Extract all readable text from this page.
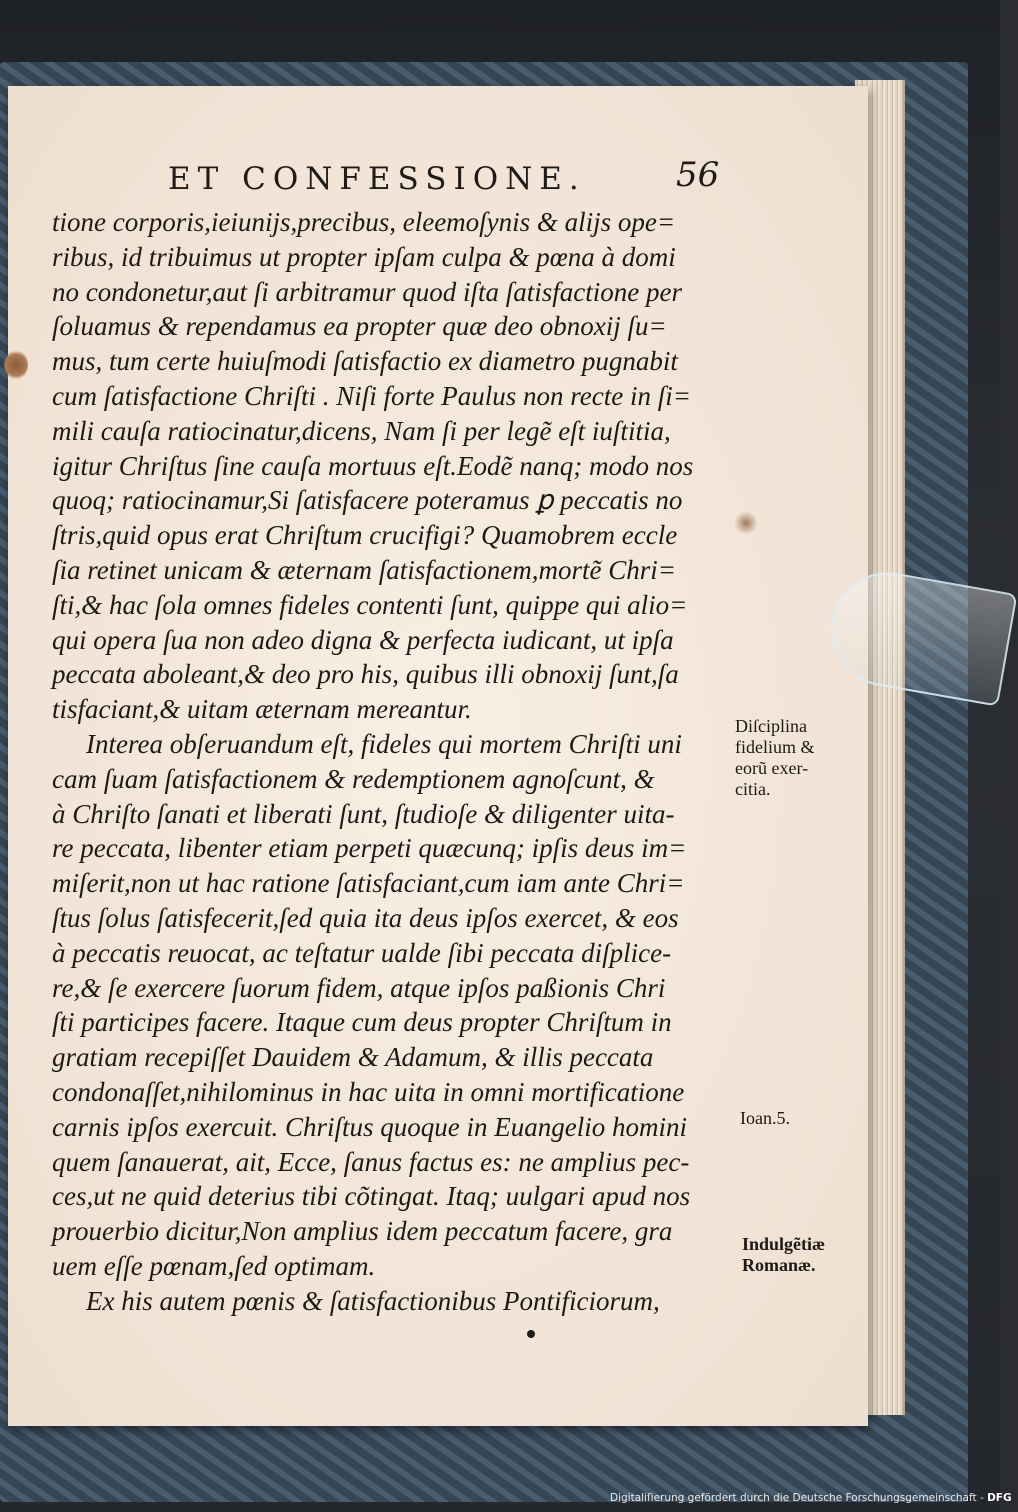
ET CONFESSIONE.	56
tione corporis,ieiunijs,precibus, eleemoſynis & alijs ope=
ribus, id tribuimus ut propter ipſam culpa & pœna à domi
no condonetur,aut ſi arbitramur quod iſta ſatisfactione per
ſoluamus & rependamus ea propter quæ deo obnoxij ſu=
mus, tum certe huiuſmodi ſatisfactio ex diametro pugnabit
cum ſatisfactione Chriſti . Niſi forte Paulus non recte in ſi=
mili cauſa ratiocinatur,dicens, Nam ſi per legẽ eſt iuſtitia,
igitur Chriſtus ſine cauſa mortuus eſt.Eodẽ nanq; modo nos
quoq; ratiocinamur,Si ſatisfacere poteramus ꝑ peccatis no
ſtris,quid opus erat Chriſtum crucifigi? Quamobrem eccle
ſia retinet unicam & æternam ſatisfactionem,mortẽ Chri=
ſti,& hac ſola omnes fideles contenti ſunt, quippe qui alio=
qui opera ſua non adeo digna & perfecta iudicant, ut ipſa
peccata aboleant,& deo pro his, quibus illi obnoxij ſunt,ſa
tisfaciant,& uitam æternam mereantur.
Interea obſeruandum eſt, fideles qui mortem Chriſti uni
cam ſuam ſatisfactionem & redemptionem agnoſcunt, &
à Chriſto ſanati et liberati ſunt, ſtudioſe & diligenter uita-
re peccata, libenter etiam perpeti quæcunq; ipſis deus im=
miſerit,non ut hac ratione ſatisfaciant,cum iam ante Chri=
ſtus ſolus ſatisfecerit,ſed quia ita deus ipſos exercet, & eos
à peccatis reuocat, ac teſtatur ualde ſibi peccata diſplice-
re,& ſe exercere ſuorum fidem, atque ipſos paßionis Chri
ſti participes facere. Itaque cum deus propter Chriſtum in
gratiam recepiſſet Dauidem & Adamum, & illis peccata
condonaſſet,nihilominus in hac uita in omni mortificatione
carnis ipſos exercuit. Chriſtus quoque in Euangelio homini
quem ſanauerat, ait, Ecce, ſanus factus es: ne amplius pec-
ces,ut ne quid deterius tibi cõtingat. Itaq; uulgari apud nos
prouerbio dicitur,Non amplius idem peccatum facere, gra
uem eſſe pœnam,ſed optimam.
Ex his autem pœnis & ſatisfactionibus Pontificiorum,
Diſciplina
fidelium &
eorũ exer-
citia.
Ioan.5.
Indulgẽtiæ
Romanæ.
Digitaliſierung gefördert durch die Deutsche Forschungsgemeinschaft - DFG
